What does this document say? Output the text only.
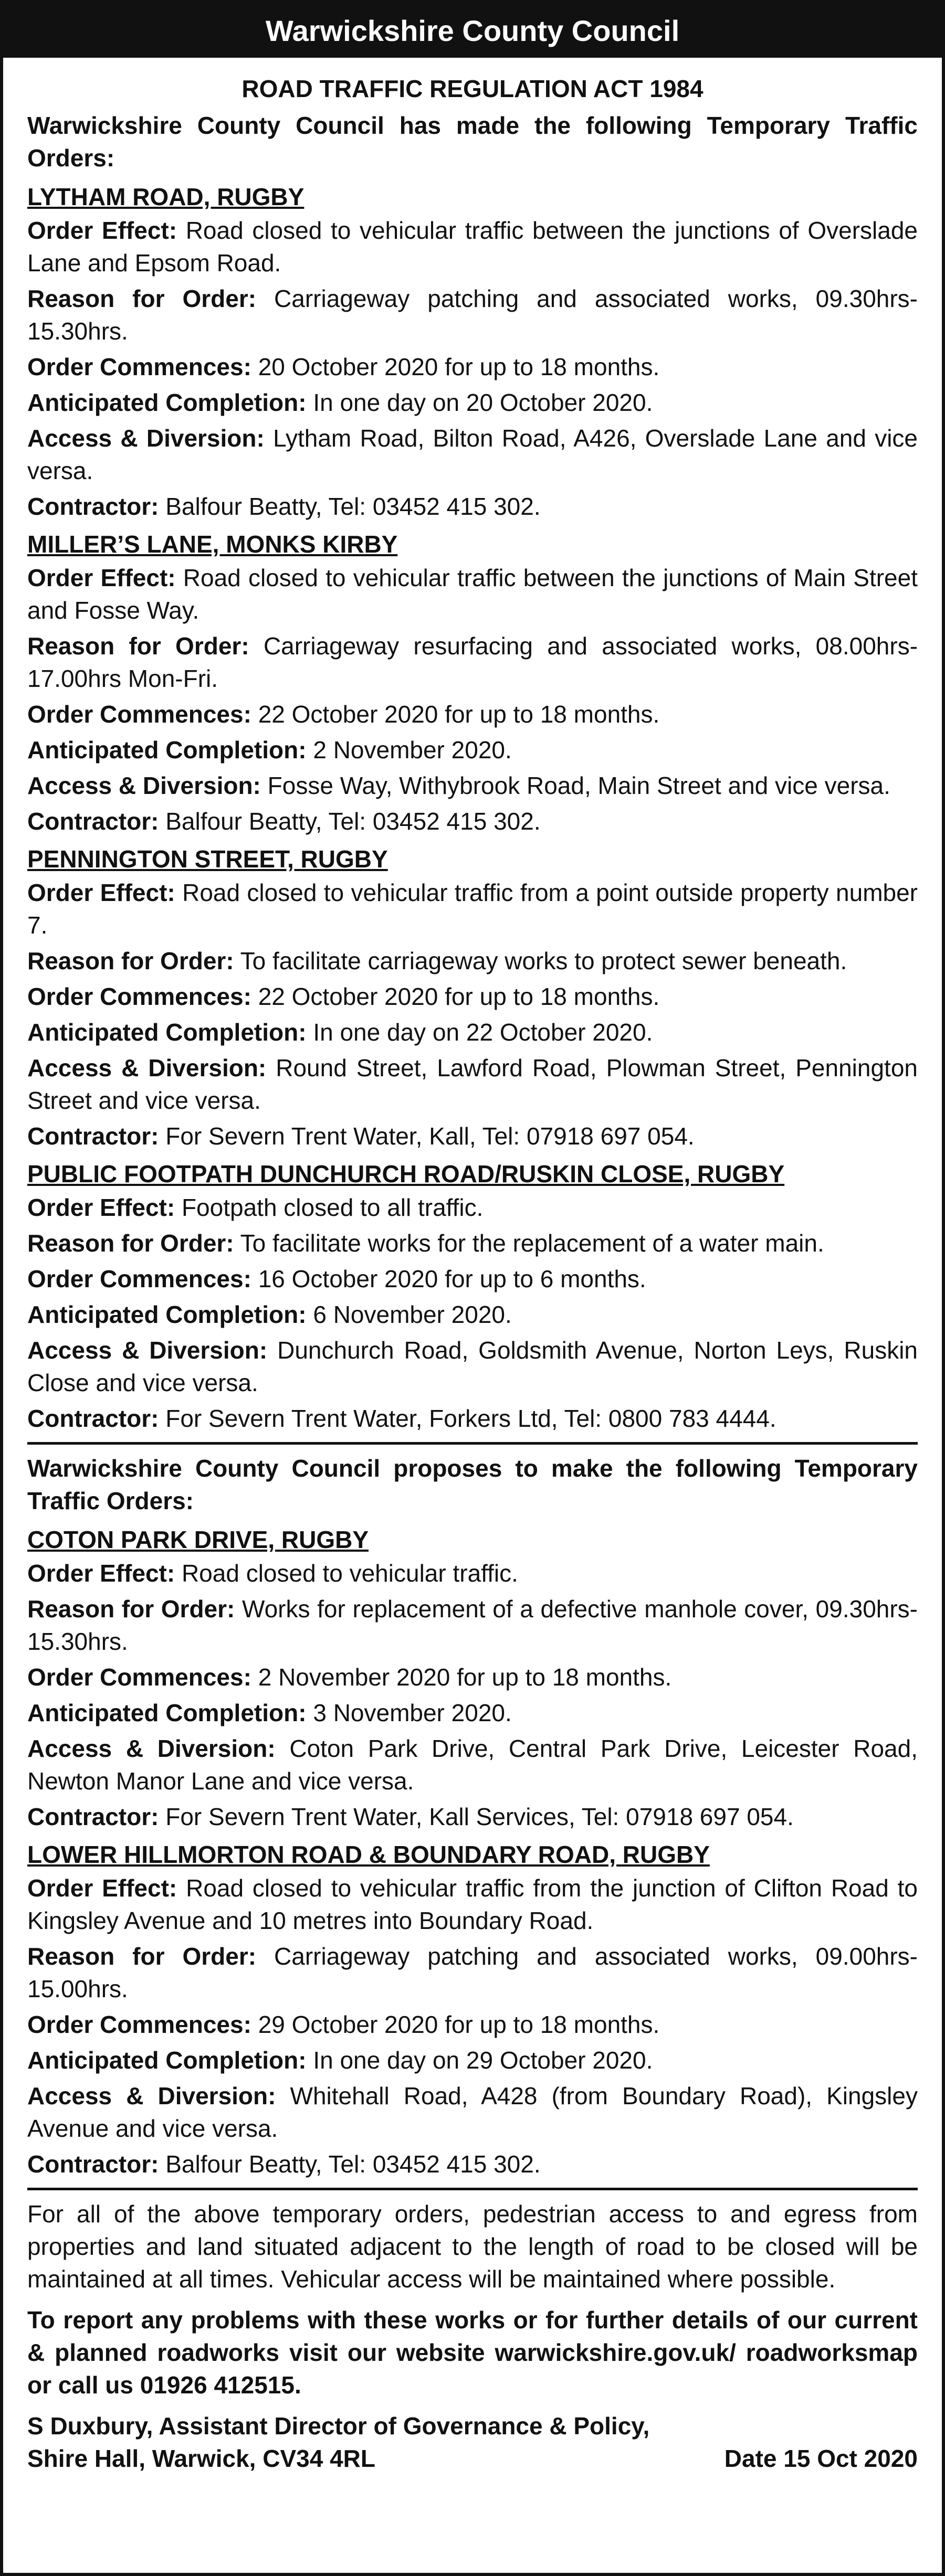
Warwickshire County Council
ROAD TRAFFIC REGULATION ACT 1984
Warwickshire County Council has made the following Temporary Traffic Orders:
LYTHAM ROAD, RUGBY
Order Effect: Road closed to vehicular traffic between the junctions of Overslade Lane and Epsom Road.
Reason for Order: Carriageway patching and associated works, 09.30hrs-15.30hrs.
Order Commences: 20 October 2020 for up to 18 months.
Anticipated Completion: In one day on 20 October 2020.
Access & Diversion: Lytham Road, Bilton Road, A426, Overslade Lane and vice versa.
Contractor: Balfour Beatty, Tel: 03452 415 302.
MILLER’S LANE, MONKS KIRBY
Order Effect: Road closed to vehicular traffic between the junctions of Main Street and Fosse Way.
Reason for Order: Carriageway resurfacing and associated works, 08.00hrs-17.00hrs Mon-Fri.
Order Commences: 22 October 2020 for up to 18 months.
Anticipated Completion: 2 November 2020.
Access & Diversion: Fosse Way, Withybrook Road, Main Street and vice versa.
Contractor: Balfour Beatty, Tel: 03452 415 302.
PENNINGTON STREET, RUGBY
Order Effect: Road closed to vehicular traffic from a point outside property number 7.
Reason for Order: To facilitate carriageway works to protect sewer beneath.
Order Commences: 22 October 2020 for up to 18 months.
Anticipated Completion: In one day on 22 October 2020.
Access & Diversion: Round Street, Lawford Road, Plowman Street, Pennington Street and vice versa.
Contractor: For Severn Trent Water, Kall, Tel: 07918 697 054.
PUBLIC FOOTPATH DUNCHURCH ROAD/RUSKIN CLOSE, RUGBY
Order Effect: Footpath closed to all traffic.
Reason for Order: To facilitate works for the replacement of a water main.
Order Commences: 16 October 2020 for up to 6 months.
Anticipated Completion: 6 November 2020.
Access & Diversion: Dunchurch Road, Goldsmith Avenue, Norton Leys, Ruskin Close and vice versa.
Contractor: For Severn Trent Water, Forkers Ltd, Tel: 0800 783 4444.
Warwickshire County Council proposes to make the following Temporary Traffic Orders:
COTON PARK DRIVE, RUGBY
Order Effect: Road closed to vehicular traffic.
Reason for Order: Works for replacement of a defective manhole cover, 09.30hrs-15.30hrs.
Order Commences: 2 November 2020 for up to 18 months.
Anticipated Completion: 3 November 2020.
Access & Diversion: Coton Park Drive, Central Park Drive, Leicester Road, Newton Manor Lane and vice versa.
Contractor: For Severn Trent Water, Kall Services, Tel: 07918 697 054.
LOWER HILLMORTON ROAD & BOUNDARY ROAD, RUGBY
Order Effect: Road closed to vehicular traffic from the junction of Clifton Road to Kingsley Avenue and 10 metres into Boundary Road.
Reason for Order: Carriageway patching and associated works, 09.00hrs-15.00hrs.
Order Commences: 29 October 2020 for up to 18 months.
Anticipated Completion: In one day on 29 October 2020.
Access & Diversion: Whitehall Road, A428 (from Boundary Road), Kingsley Avenue and vice versa.
Contractor: Balfour Beatty, Tel: 03452 415 302.
For all of the above temporary orders, pedestrian access to and egress from properties and land situated adjacent to the length of road to be closed will be maintained at all times. Vehicular access will be maintained where possible.
To report any problems with these works or for further details of our current & planned roadworks visit our website warwickshire.gov.uk/ roadworksmap or call us 01926 412515.
S Duxbury, Assistant Director of Governance & Policy,
Shire Hall, Warwick, CV34 4RL	Date 15 Oct 2020
